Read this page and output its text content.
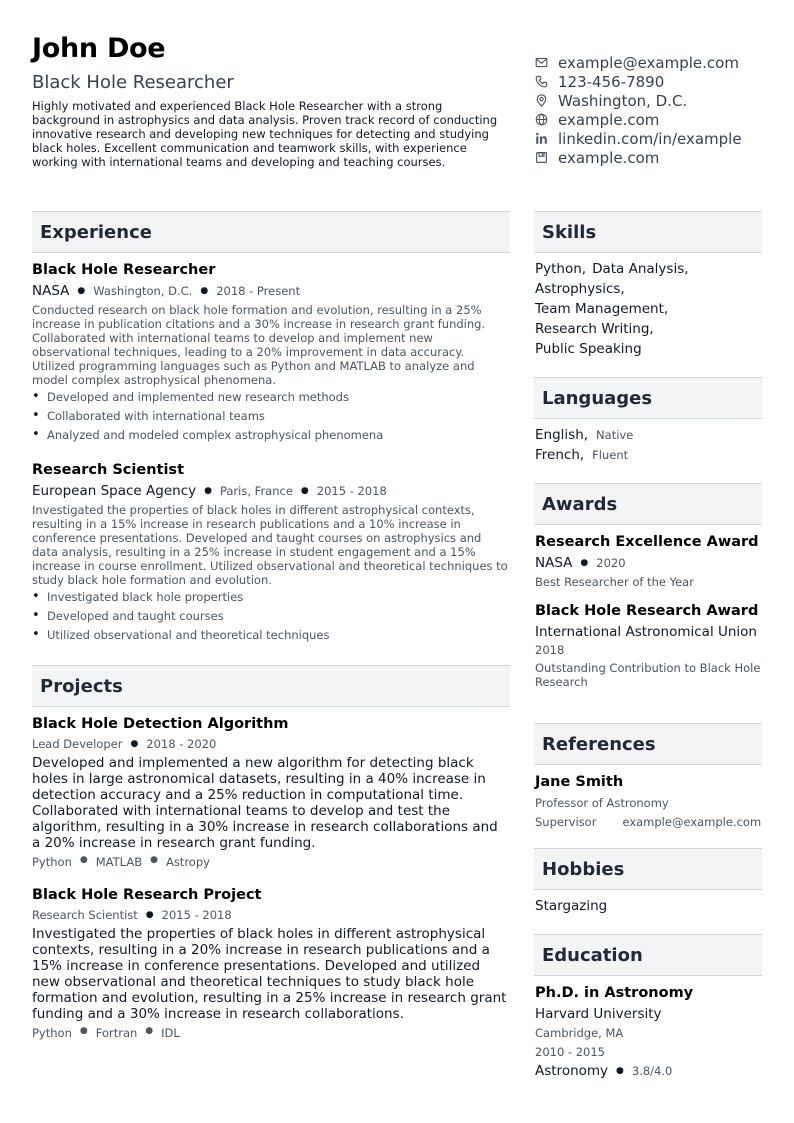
John Doe
Black Hole Researcher
Highly motivated and experienced Black Hole Researcher with a strong background in astrophysics and data analysis. Proven track record of conducting innovative research and developing new techniques for detecting and studying black holes. Excellent communication and teamwork skills, with experience working with international teams and developing and teaching courses.
example@example.com
123-456-7890
Washington, D.C.
example.com
linkedin.com/in/example
example.com
Experience
Black Hole Researcher
NASA ● Washington, D.C. ● 2018 - Present
Conducted research on black hole formation and evolution, resulting in a 25% increase in publication citations and a 30% increase in research grant funding. Collaborated with international teams to develop and implement new observational techniques, leading to a 20% improvement in data accuracy. Utilized programming languages such as Python and MATLAB to analyze and model complex astrophysical phenomena.
• Developed and implemented new research methods
• Collaborated with international teams
• Analyzed and modeled complex astrophysical phenomena
Research Scientist
European Space Agency ● Paris, France ● 2015 - 2018
Investigated the properties of black holes in different astrophysical contexts, resulting in a 15% increase in research publications and a 10% increase in conference presentations. Developed and taught courses on astrophysics and data analysis, resulting in a 25% increase in student engagement and a 15% increase in course enrollment. Utilized observational and theoretical techniques to study black hole formation and evolution.
• Investigated black hole properties
• Developed and taught courses
• Utilized observational and theoretical techniques
Projects
Black Hole Detection Algorithm
Lead Developer ● 2018 - 2020
Developed and implemented a new algorithm for detecting black holes in large astronomical datasets, resulting in a 40% increase in detection accuracy and a 25% reduction in computational time. Collaborated with international teams to develop and test the algorithm, resulting in a 30% increase in research collaborations and a 20% increase in research grant funding.
Python ● MATLAB ● Astropy
Black Hole Research Project
Research Scientist ● 2015 - 2018
Investigated the properties of black holes in different astrophysical contexts, resulting in a 20% increase in research publications and a 15% increase in conference presentations. Developed and utilized new observational and theoretical techniques to study black hole formation and evolution, resulting in a 25% increase in research grant funding and a 30% increase in research collaborations.
Python ● Fortran ● IDL
Skills
Python, Data Analysis,
Astrophysics,
Team Management,
Research Writing,
Public Speaking
Languages
English, Native
French, Fluent
Awards
Research Excellence Award
NASA ● 2020
Best Researcher of the Year
Black Hole Research Award
International Astronomical Union
2018
Outstanding Contribution to Black Hole Research
References
Jane Smith
Professor of Astronomy
Supervisor example@example.com
Hobbies
Stargazing
Education
Ph.D. in Astronomy
Harvard University
Cambridge, MA
2010 - 2015
Astronomy ● 3.8/4.0
